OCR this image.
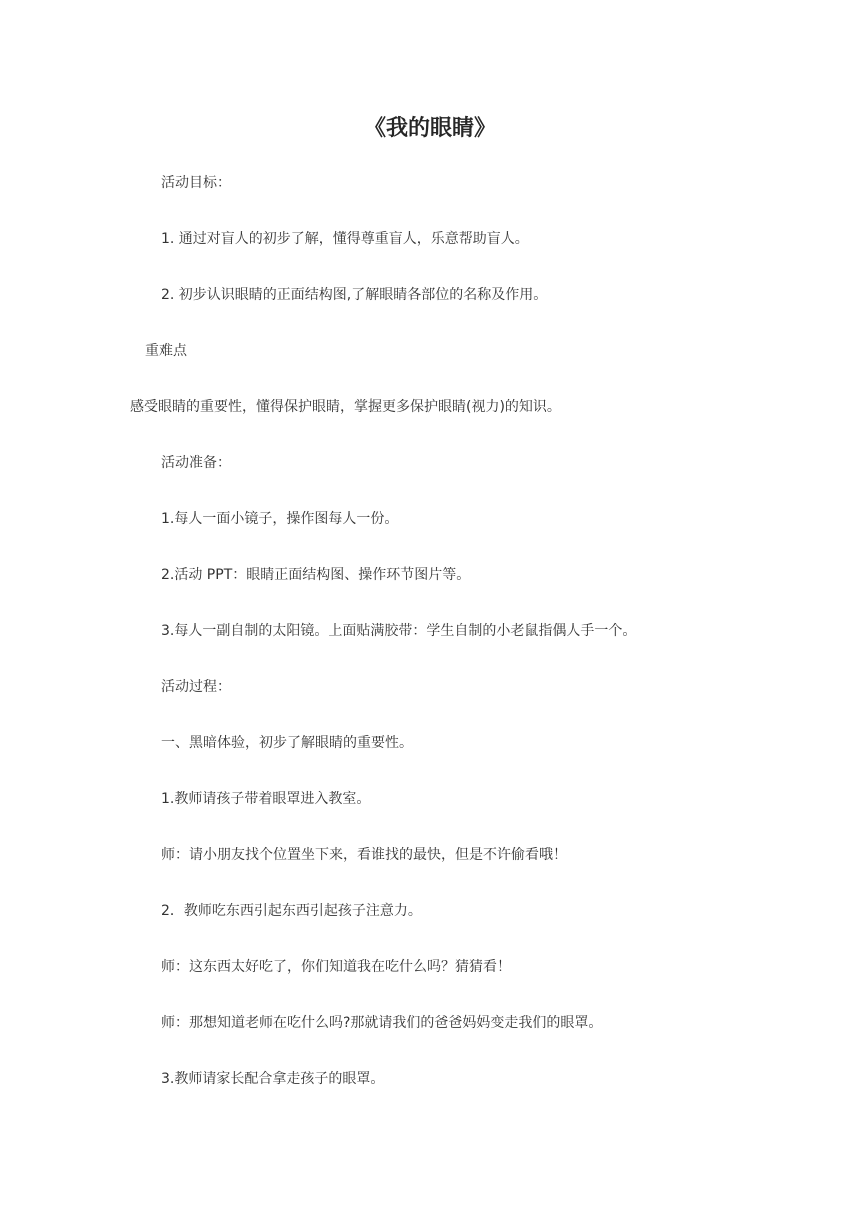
《我的眼睛》
活动目标：
1. 通过对盲人的初步了解，懂得尊重盲人，乐意帮助盲人。
2. 初步认识眼睛的正面结构图,了解眼睛各部位的名称及作用。
重难点
感受眼睛的重要性，懂得保护眼睛，掌握更多保护眼睛(视力)的知识。
活动准备：
1.每人一面小镜子，操作图每人一份。
2.活动 PPT：眼睛正面结构图、操作环节图片等。
3.每人一副自制的太阳镜。上面贴满胶带：学生自制的小老鼠指偶人手一个。
活动过程：
一、黑暗体验，初步了解眼睛的重要性。
1.教师请孩子带着眼罩进入教室。
师：请小朋友找个位置坐下来，看谁找的最快，但是不许偷看哦！
2．教师吃东西引起东西引起孩子注意力。
师：这东西太好吃了，你们知道我在吃什么吗？猜猜看！
师：那想知道老师在吃什么吗?那就请我们的爸爸妈妈变走我们的眼罩。
3.教师请家长配合拿走孩子的眼罩。
